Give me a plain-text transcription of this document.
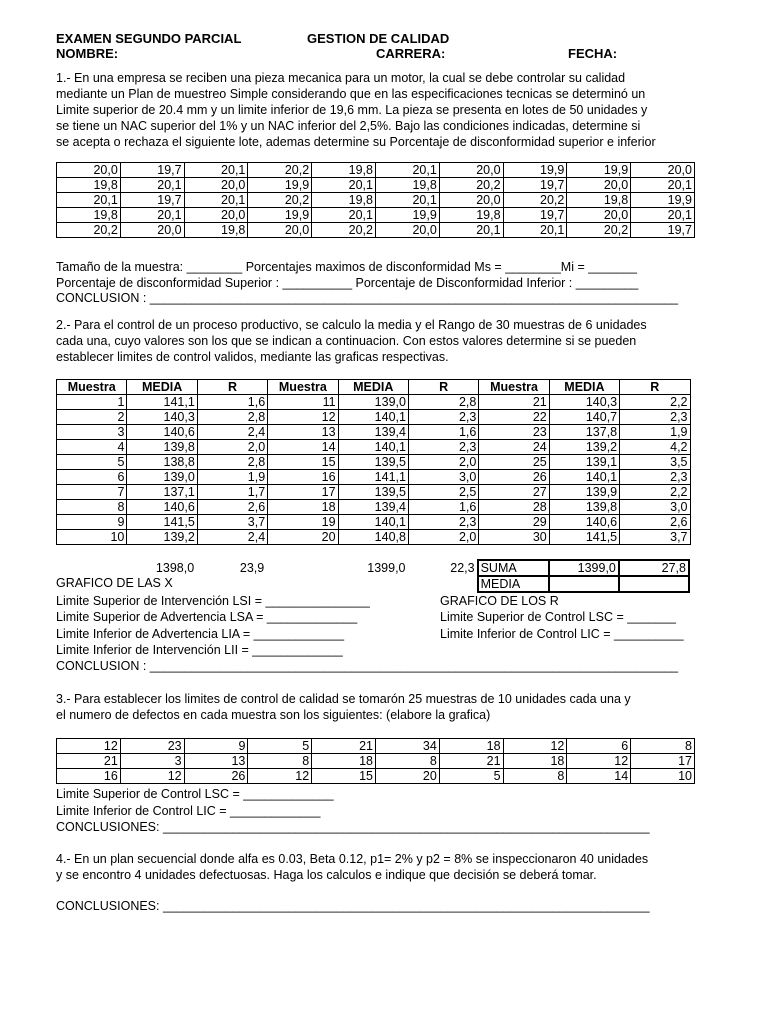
EXAMEN SEGUNDO PARCIAL	GESTION DE CALIDAD
NOMBRE:	CARRERA:	FECHA:
1.- En una empresa se reciben una pieza mecanica para un motor, la cual se debe controlar su calidad
mediante un Plan de muestreo Simple considerando que en las especificaciones tecnicas se determinó un
Limite superior de 20.4 mm y un limite inferior de 19,6 mm. La pieza se presenta en lotes de 50 unidades y
se tiene un NAC superior del 1% y un NAC inferior del 2,5%. Bajo las condiciones indicadas, determine si
se acepta o rechaza el siguiente lote, ademas determine su Porcentaje de disconformidad superior e inferior
20,0	19,7	20,1	20,2	19,8	20,1	20,0	19,9	19,9	20,0
19,8	20,1	20,0	19,9	20,1	19,8	20,2	19,7	20,0	20,1
20,1	19,7	20,1	20,2	19,8	20,1	20,0	20,2	19,8	19,9
19,8	20,1	20,0	19,9	20,1	19,9	19,8	19,7	20,0	20,1
20,2	20,0	19,8	20,0	20,2	20,0	20,1	20,1	20,2	19,7
Tamaño de la muestra: ________ Porcentajes maximos de disconformidad Ms = ________Mi = _______
Porcentaje de disconformidad Superior : __________ Porcentaje de Disconformidad Inferior : _________
CONCLUSION : ____________________________________________________________________________
2.- Para el control de un proceso productivo, se calculo la media y el Rango de 30 muestras de 6 unidades
cada una, cuyo valores son los que se indican a continuacion. Con estos valores determine si se pueden
establecer limites de control validos, mediante las graficas respectivas.
Muestra	MEDIA	R	Muestra	MEDIA	R	Muestra	MEDIA	R
1	141,1	1,6	11	139,0	2,8	21	140,3	2,2
2	140,3	2,8	12	140,1	2,3	22	140,7	2,3
3	140,6	2,4	13	139,4	1,6	23	137,8	1,9
4	139,8	2,0	14	140,1	2,3	24	139,2	4,2
5	138,8	2,8	15	139,5	2,0	25	139,1	3,5
6	139,0	1,9	16	141,1	3,0	26	140,1	2,3
7	137,1	1,7	17	139,5	2,5	27	139,9	2,2
8	140,6	2,6	18	139,4	1,6	28	139,8	3,0
9	141,5	3,7	19	140,1	2,3	29	140,6	2,6
10	139,2	2,4	20	140,8	2,0	30	141,5	3,7
	1398,0	23,9		1399,0	22,3	SUMA	1399,0	27,8
						MEDIA		
GRAFICO DE LAS X
Limite Superior de Intervención LSI = _______________
Limite Superior de Advertencia LSA = _____________
Limite Inferior de Advertencia LIA = _____________
Limite Inferior de Intervención LII = _____________
GRAFICO DE LOS R
Limite Superior de Control LSC = _______
Limite Inferior de Control LIC = __________
CONCLUSION : ____________________________________________________________________________
3.- Para establecer los limites de control de calidad se tomarón 25 muestras de 10 unidades cada una y
el numero de defectos en cada muestra son los siguientes: (elabore la grafica)
12	23	9	5	21	34	18	12	6	8
21	3	13	8	18	8	21	18	12	17
16	12	26	12	15	20	5	8	14	10
Limite Superior de Control LSC = _____________
Limite Inferior de Control LIC = _____________
CONCLUSIONES: ______________________________________________________________________
4.- En un plan secuencial donde alfa es 0.03, Beta 0.12, p1= 2% y p2 = 8% se inspeccionaron 40 unidades
y se encontro 4 unidades defectuosas. Haga los calculos e indique que decisión se deberá tomar.
CONCLUSIONES: ______________________________________________________________________
